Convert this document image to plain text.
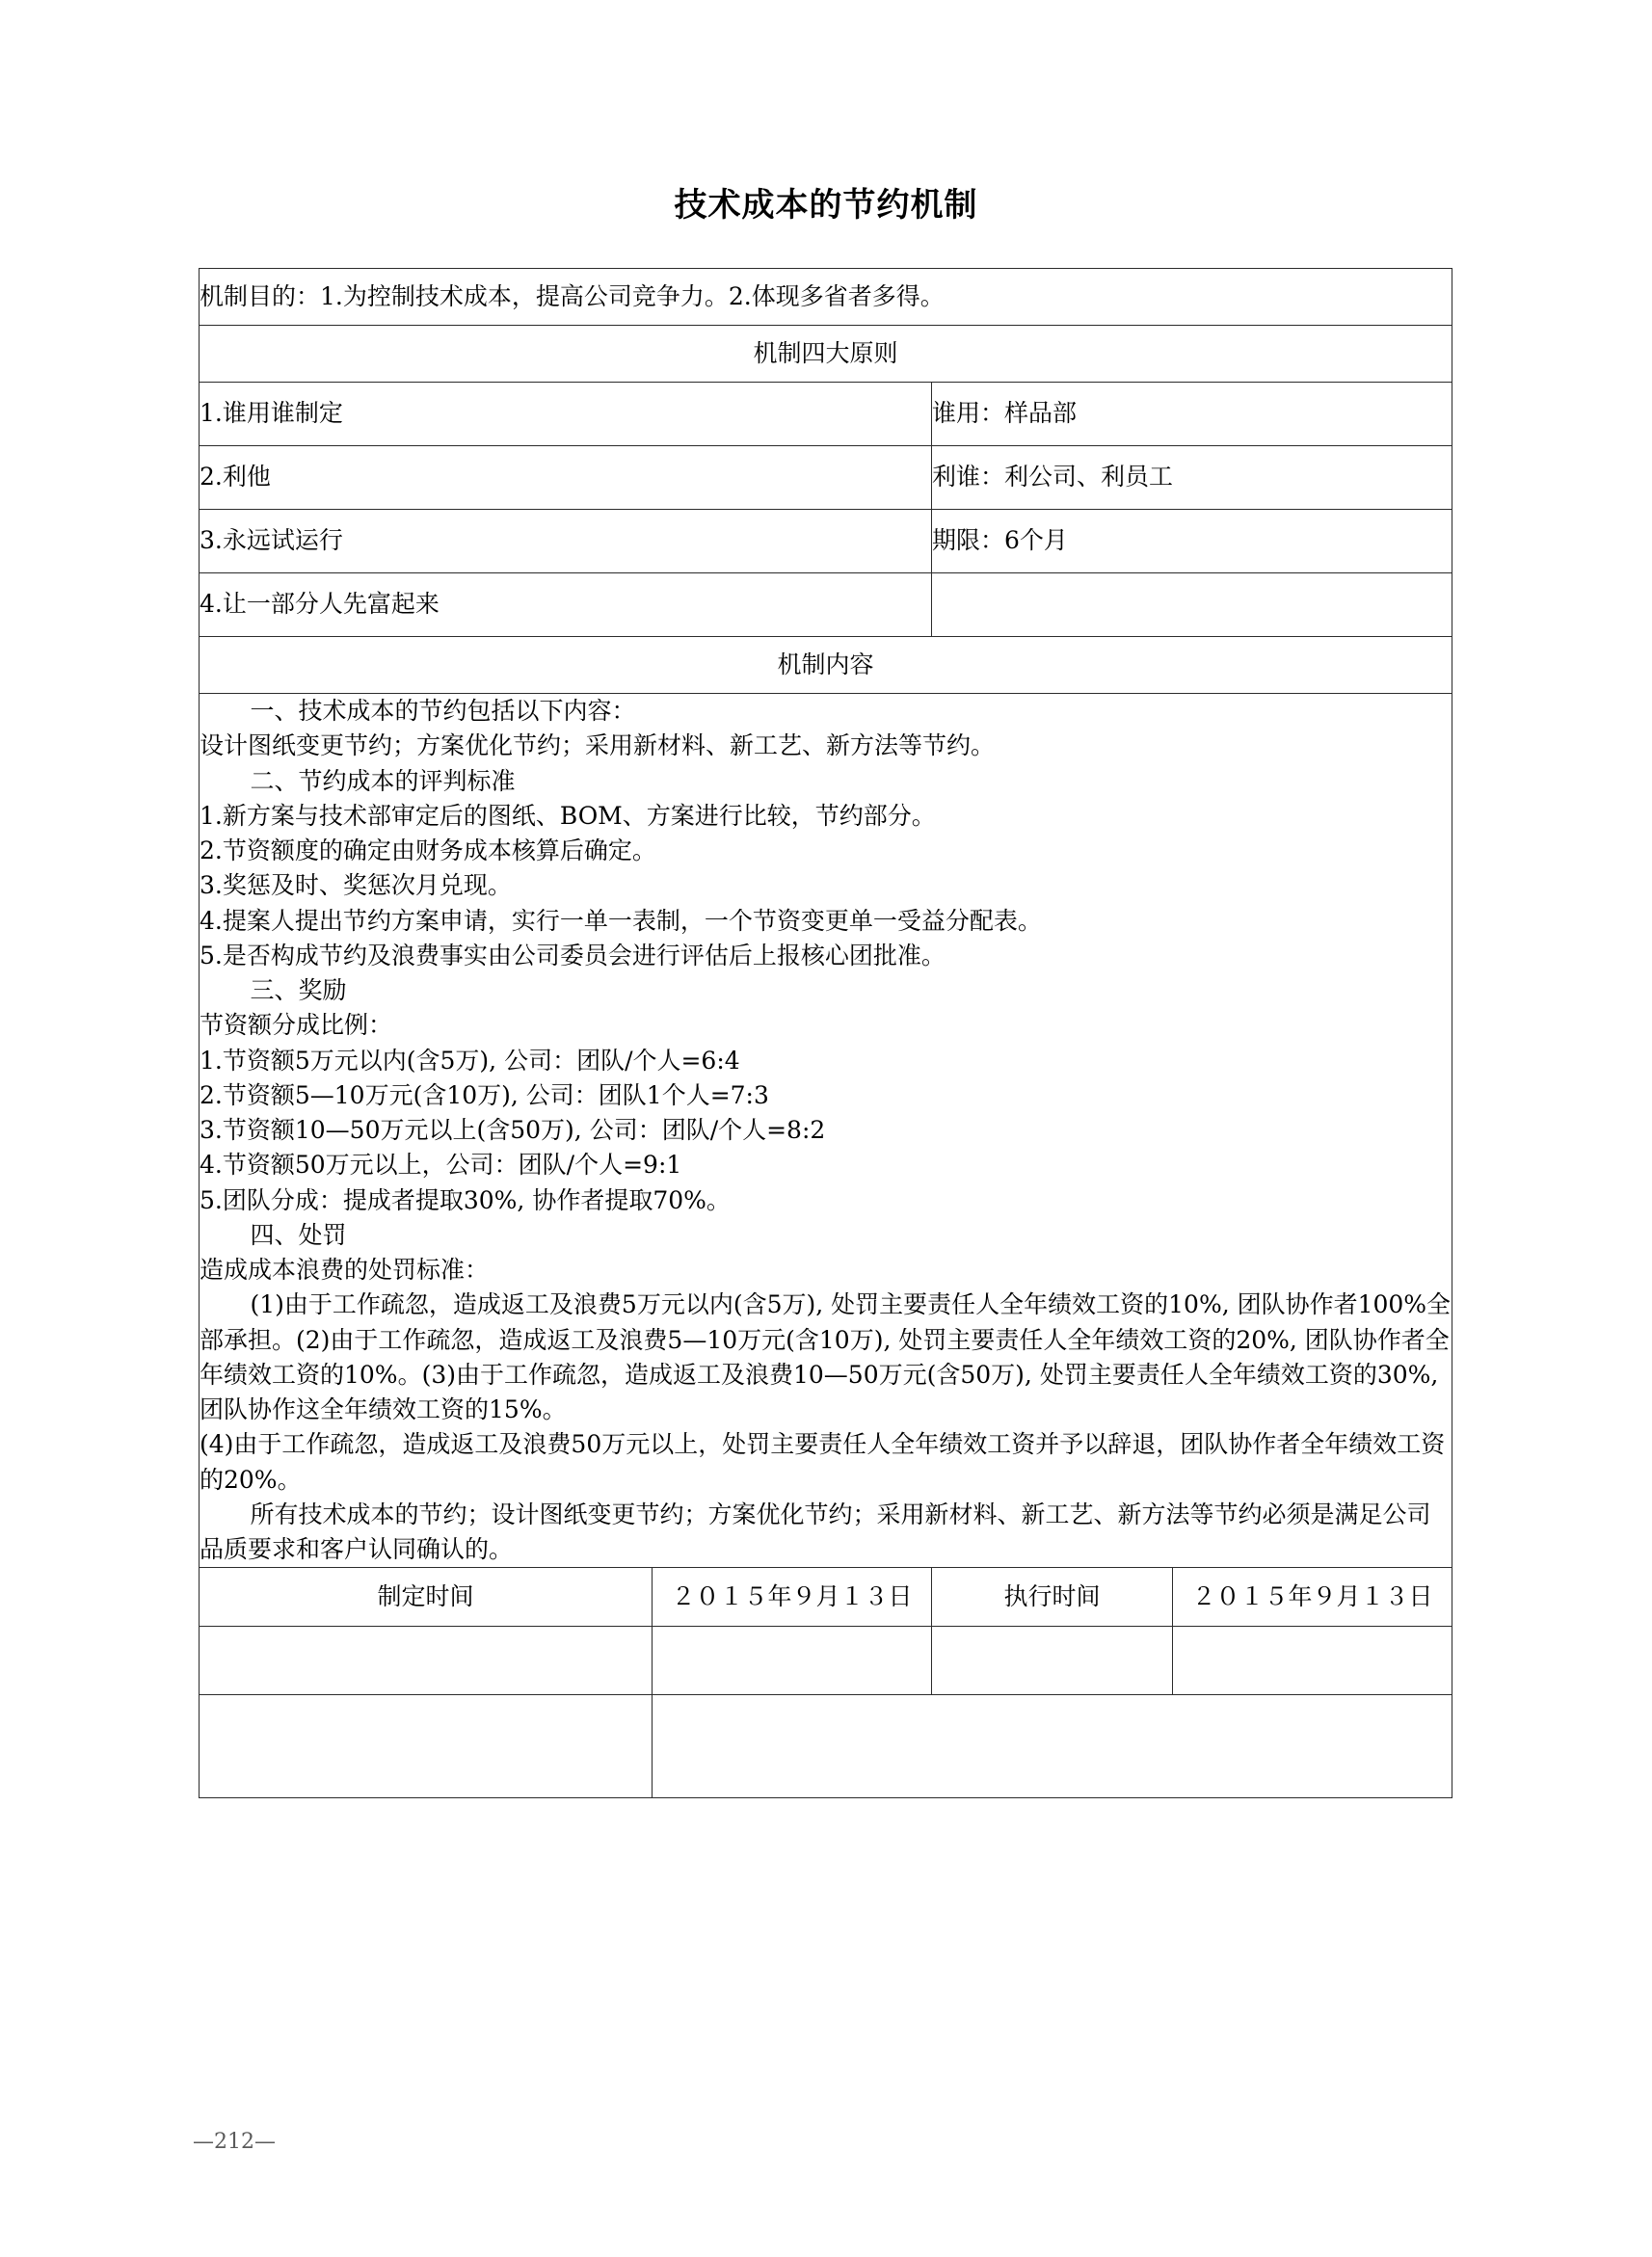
技术成本的节约机制
机制目的：1.为控制技术成本，提高公司竞争力。2.体现多省者多得。			
机制四大原则			
1.谁用谁制定		谁用：样品部	
2.利他		利谁：利公司、利员工	
3.永远试运行		期限：6个月	
4.让一部分人先富起来			
机制内容			

一、技术成本的节约包括以下内容：

设计图纸变更节约；方案优化节约；采用新材料、新工艺、新方法等节约。

二、节约成本的评判标准

1.新方案与技术部审定后的图纸、BOM、方案进行比较，节约部分。

2.节资额度的确定由财务成本核算后确定。

3.奖惩及时、奖惩次月兑现。

4.提案人提出节约方案申请，实行一单一表制，一个节资变更单一受益分配表。

5.是否构成节约及浪费事实由公司委员会进行评估后上报核心团批准。

三、奖励

节资额分成比例：

1.节资额5万元以内(含5万), 公司：团队/个人=6:4

2.节资额5—10万元(含10万), 公司：团队1个人=7:3

3.节资额10—50万元以上(含50万), 公司：团队/个人=8:2

4.节资额50万元以上，公司：团队/个人=9:1

5.团队分成：提成者提取30%, 协作者提取70%。

四、处罚

造成成本浪费的处罚标准：

(1)由于工作疏忽，造成返工及浪费5万元以内(含5万), 处罚主要责任人全年绩效工资的10%, 团队协作者100%全部承担。(2)由于工作疏忽，造成返工及浪费5—10万元(含10万), 处罚主要责任人全年绩效工资的20%, 团队协作者全年绩效工资的10%。(3)由于工作疏忽，造成返工及浪费10—50万元(含50万), 处罚主要责任人全年绩效工资的30%, 团队协作这全年绩效工资的15%。

(4)由于工作疏忽，造成返工及浪费50万元以上，处罚主要责任人全年绩效工资并予以辞退，团队协作者全年绩效工资的20%。

所有技术成本的节约；设计图纸变更节约；方案优化节约；采用新材料、新工艺、新方法等节约必须是满足公司品质要求和客户认同确认的。

制定时间	２０１５年９月１３日	执行时间	２０１５年９月１３日

—212—
